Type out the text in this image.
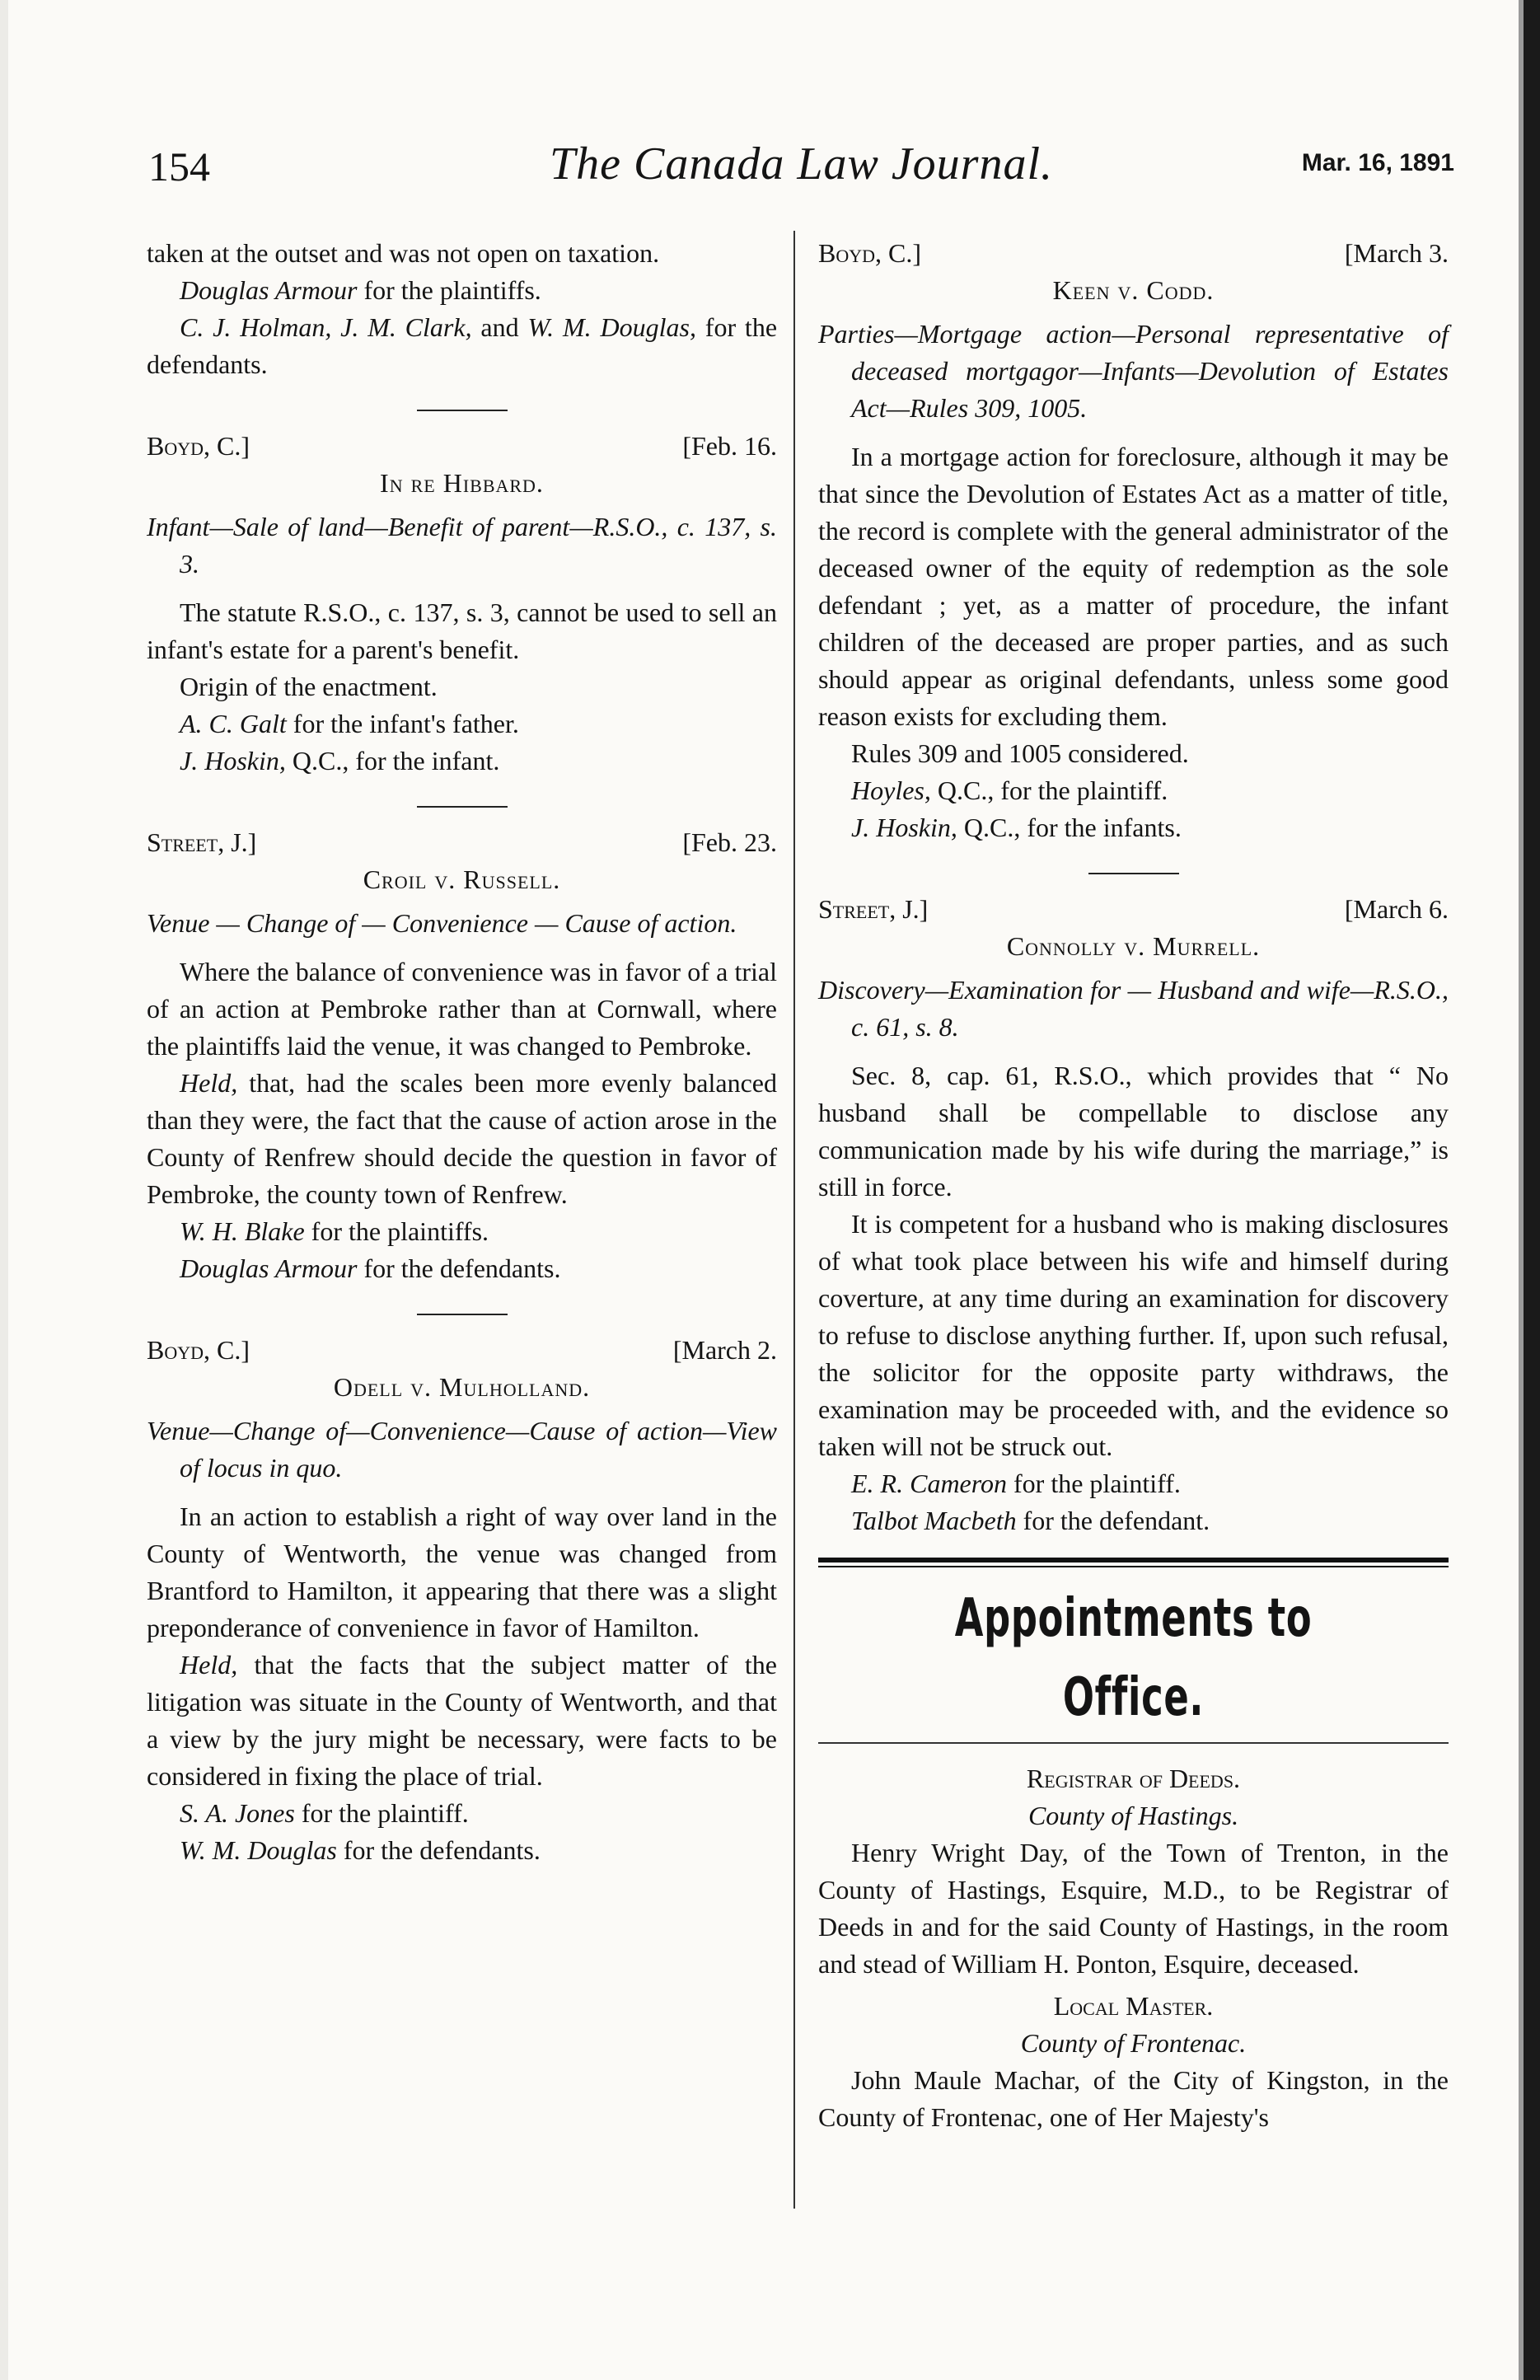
154	The Canada Law Journal.	Mar. 16, 1891

taken at the outset and was not open on taxation.

Douglas Armour for the plaintiffs.

C. J. Holman, J. M. Clark, and W. M. Douglas, for the defendants.

Boyd, C.]	[Feb. 16.
In re Hibbard.

Infant—Sale of land—Benefit of parent—R.S.O., c. 137, s. 3.

The statute R.S.O., c. 137, s. 3, cannot be used to sell an infant's estate for a parent's benefit.

Origin of the enactment.

A. C. Galt for the infant's father.

J. Hoskin, Q.C., for the infant.

Street, J.]	[Feb. 23.
Croil v. Russell.

Venue — Change of — Convenience — Cause of action.

Where the balance of convenience was in favor of a trial of an action at Pembroke rather than at Cornwall, where the plaintiffs laid the venue, it was changed to Pembroke.

Held, that, had the scales been more evenly balanced than they were, the fact that the cause of action arose in the County of Renfrew should decide the question in favor of Pembroke, the county town of Renfrew.

W. H. Blake for the plaintiffs.

Douglas Armour for the defendants.

Boyd, C.]	[March 2.
Odell v. Mulholland.

Venue—Change of—Convenience—Cause of action—View of locus in quo.

In an action to establish a right of way over land in the County of Wentworth, the venue was changed from Brantford to Hamilton, it appearing that there was a slight preponderance of convenience in favor of Hamilton.

Held, that the facts that the subject matter of the litigation was situate in the County of Wentworth, and that a view by the jury might be necessary, were facts to be considered in fixing the place of trial.

S. A. Jones for the plaintiff.

W. M. Douglas for the defendants.

Boyd, C.]	[March 3.
Keen v. Codd.

Parties—Mortgage action—Personal representative of deceased mortgagor—Infants—Devolution of Estates Act—Rules 309, 1005.

In a mortgage action for foreclosure, although it may be that since the Devolution of Estates Act as a matter of title, the record is complete with the general administrator of the deceased owner of the equity of redemption as the sole defendant ; yet, as a matter of procedure, the infant children of the deceased are proper parties, and as such should appear as original defendants, unless some good reason exists for excluding them.

Rules 309 and 1005 considered.

Hoyles, Q.C., for the plaintiff.

J. Hoskin, Q.C., for the infants.

Street, J.]	[March 6.
Connolly v. Murrell.

Discovery—Examination for — Husband and wife—R.S.O., c. 61, s. 8.

Sec. 8, cap. 61, R.S.O., which provides that “ No husband shall be compellable to disclose any communication made by his wife during the marriage,” is still in force.

It is competent for a husband who is making disclosures of what took place between his wife and himself during coverture, at any time during an examination for discovery to refuse to disclose anything further. If, upon such refusal, the solicitor for the opposite party withdraws, the examination may be proceeded with, and the evidence so taken will not be struck out.

E. R. Cameron for the plaintiff.

Talbot Macbeth for the defendant.

Appointments to Office.
Registrar of Deeds.
County of Hastings.

Henry Wright Day, of the Town of Trenton, in the County of Hastings, Esquire, M.D., to be Registrar of Deeds in and for the said County of Hastings, in the room and stead of William H. Ponton, Esquire, deceased.

Local Master.
County of Frontenac.

John Maule Machar, of the City of Kingston, in the County of Frontenac, one of Her Majesty's
